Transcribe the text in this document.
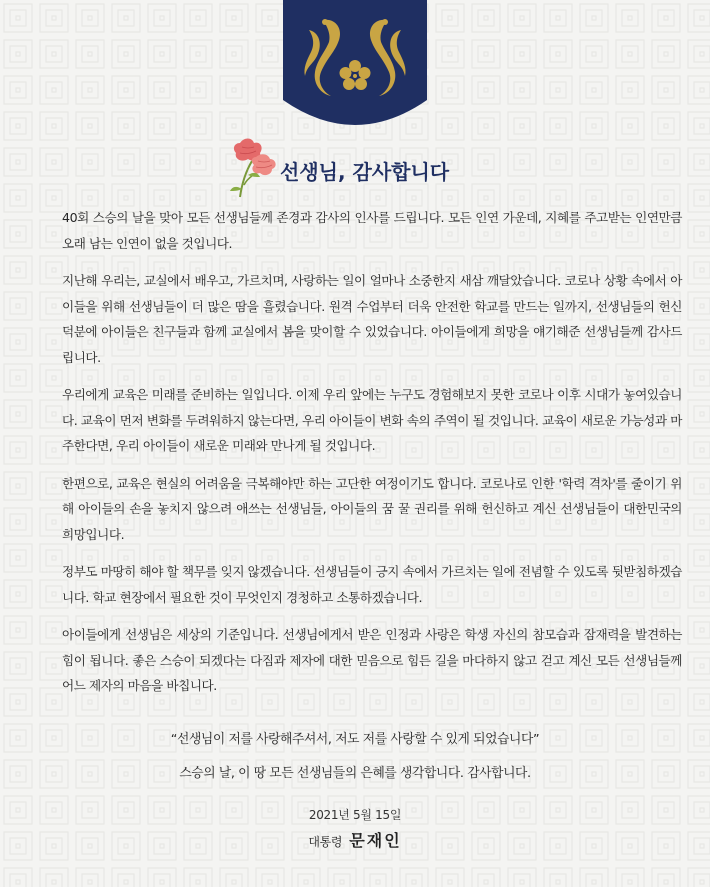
선생님, 감사합니다

40회 스승의 날을 맞아 모든 선생님들께 존경과 감사의 인사를 드립니다. 모든 인연 가운데, 지혜를 주고받는 인연만큼 오래 남는 인연이 없을 것입니다.

지난해 우리는, 교실에서 배우고, 가르치며, 사랑하는 일이 얼마나 소중한지 새삼 깨달았습니다. 코로나 상황 속에서 아이들을 위해 선생님들이 더 많은 땀을 흘렸습니다. 원격 수업부터 더욱 안전한 학교를 만드는 일까지, 선생님들의 헌신 덕분에 아이들은 친구들과 함께 교실에서 봄을 맞이할 수 있었습니다. 아이들에게 희망을 얘기해준 선생님들께 감사드립니다.

우리에게 교육은 미래를 준비하는 일입니다. 이제 우리 앞에는 누구도 경험해보지 못한 코로나 이후 시대가 놓여있습니다. 교육이 먼저 변화를 두려워하지 않는다면, 우리 아이들이 변화 속의 주역이 될 것입니다. 교육이 새로운 가능성과 마주한다면, 우리 아이들이 새로운 미래와 만나게 될 것입니다.

한편으로, 교육은 현실의 어려움을 극복해야만 하는 고단한 여정이기도 합니다. 코로나로 인한 '학력 격차'를 줄이기 위해 아이들의 손을 놓치지 않으려 애쓰는 선생님들, 아이들의 꿈 꿀 권리를 위해 헌신하고 계신 선생님들이 대한민국의 희망입니다.

정부도 마땅히 해야 할 책무를 잊지 않겠습니다. 선생님들이 긍지 속에서 가르치는 일에 전념할 수 있도록 뒷받침하겠습니다. 학교 현장에서 필요한 것이 무엇인지 경청하고 소통하겠습니다.

아이들에게 선생님은 세상의 기준입니다. 선생님에게서 받은 인정과 사랑은 학생 자신의 참모습과 잠재력을 발견하는 힘이 됩니다. 좋은 스승이 되겠다는 다짐과 제자에 대한 믿음으로 힘든 길을 마다하지 않고 걷고 계신 모든 선생님들께 어느 제자의 마음을 바칩니다.

“선생님이 저를 사랑해주셔서, 저도 저를 사랑할 수 있게 되었습니다”
스승의 날, 이 땅 모든 선생님들의 은혜를 생각합니다. 감사합니다.
2021년 5월 15일
대통령 문재인
